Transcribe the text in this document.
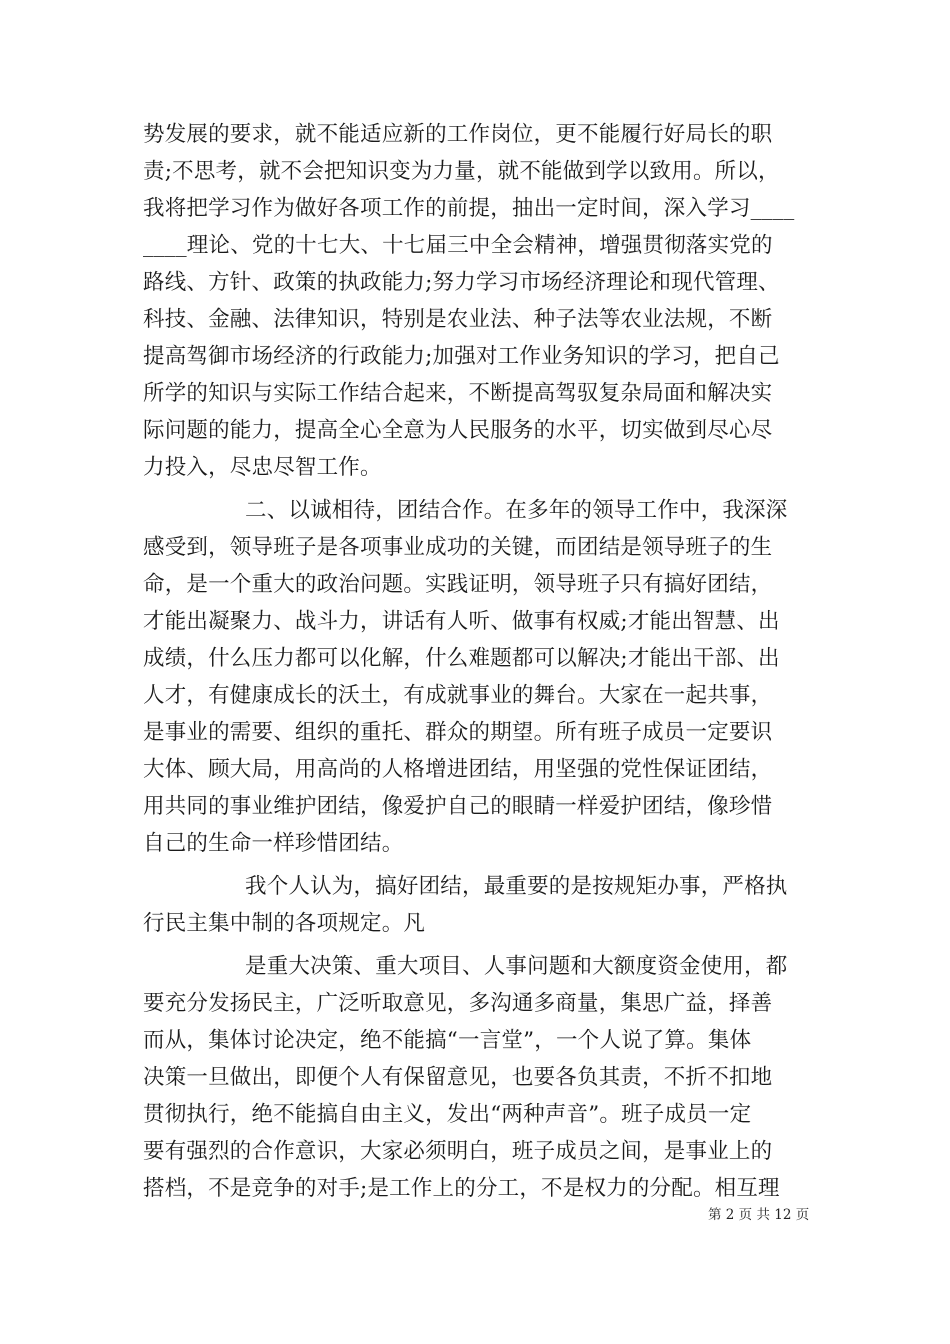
势发展的要求，就不能适应新的工作岗位，更不能履行好局长的职
责;不思考，就不会把知识变为力量，就不能做到学以致用。所以，
我将把学习作为做好各项工作的前提，抽出一定时间，深入学习____
____理论、党的十七大、十七届三中全会精神，增强贯彻落实党的
路线、方针、政策的执政能力;努力学习市场经济理论和现代管理、
科技、金融、法律知识，特别是农业法、种子法等农业法规，不断
提高驾御市场经济的行政能力;加强对工作业务知识的学习，把自己
所学的知识与实际工作结合起来，不断提高驾驭复杂局面和解决实
际问题的能力，提高全心全意为人民服务的水平，切实做到尽心尽
力投入，尽忠尽智工作。
二、以诚相待，团结合作。在多年的领导工作中，我深深
感受到，领导班子是各项事业成功的关键，而团结是领导班子的生
命，是一个重大的政治问题。实践证明，领导班子只有搞好团结，
才能出凝聚力、战斗力，讲话有人听、做事有权威;才能出智慧、出
成绩，什么压力都可以化解，什么难题都可以解决;才能出干部、出
人才，有健康成长的沃土，有成就事业的舞台。大家在一起共事，
是事业的需要、组织的重托、群众的期望。所有班子成员一定要识
大体、顾大局，用高尚的人格增进团结，用坚强的党性保证团结，
用共同的事业维护团结，像爱护自己的眼睛一样爱护团结，像珍惜
自己的生命一样珍惜团结。
我个人认为，搞好团结，最重要的是按规矩办事，严格执
行民主集中制的各项规定。凡
是重大决策、重大项目、人事问题和大额度资金使用，都
要充分发扬民主，广泛听取意见，多沟通多商量，集思广益，择善
而从，集体讨论决定，绝不能搞“一言堂”，一个人说了算。集体
决策一旦做出，即便个人有保留意见，也要各负其责，不折不扣地
贯彻执行，绝不能搞自由主义，发出“两种声音”。班子成员一定
要有强烈的合作意识，大家必须明白，班子成员之间，是事业上的
搭档，不是竞争的对手;是工作上的分工，不是权力的分配。相互理
第 2 页 共 12 页
